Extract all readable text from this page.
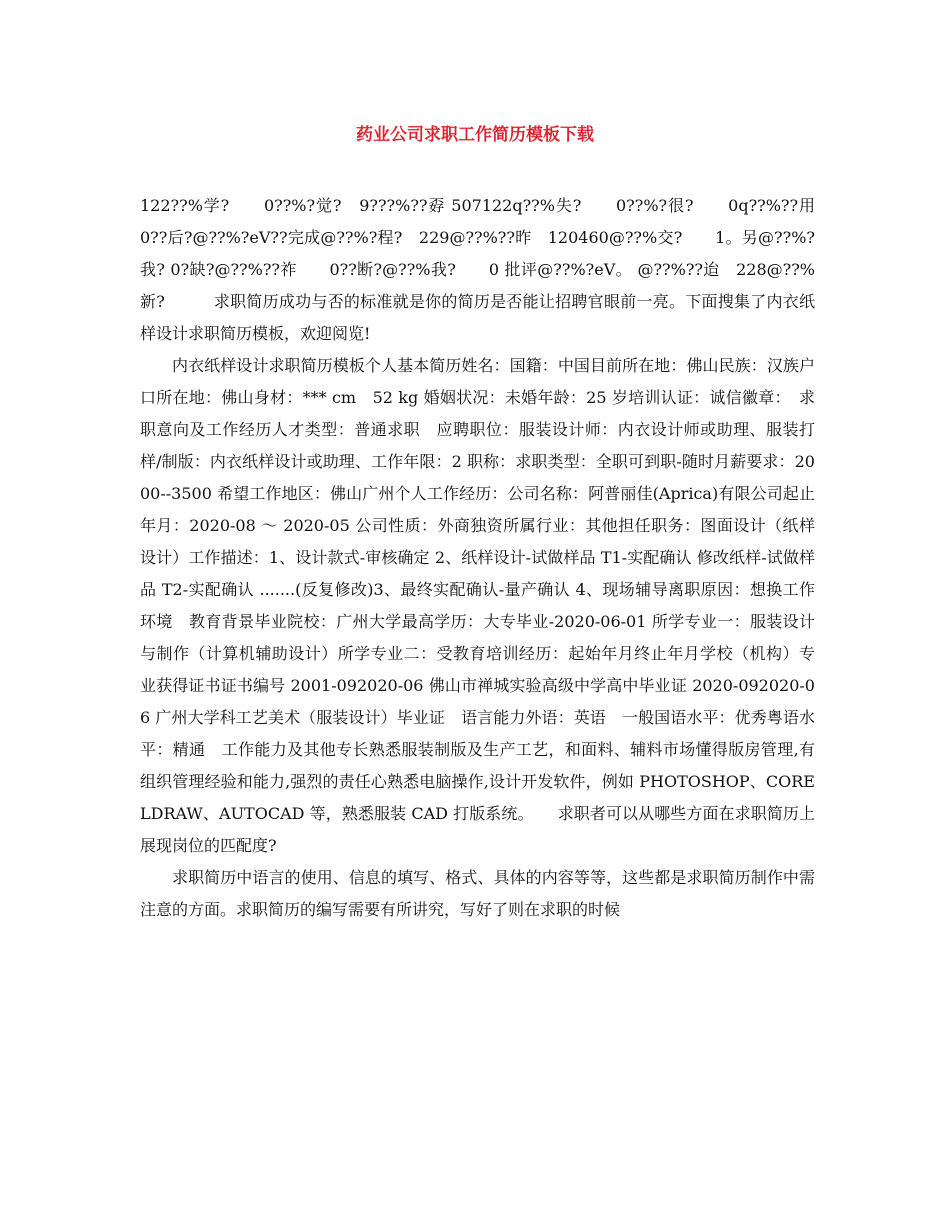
药业公司求职工作简历模板下载

122??%学?　　0??%?觉?　9???%??孬 507122q??%失?　　0??%?很?　　0q??%??用 0??后?@??%?eV??完成@??%?程?　229@??%??昨　120460@??%交?　　1。另@??%?我? 0?缺?@??%??祚　　0??断?@??%我?　　0 批评@??%?eV。 @??%??迨　228@??%新?　　　求职简历成功与否的标准就是你的简历是否能让招聘官眼前一亮。下面搜集了内衣纸样设计求职简历模板，欢迎阅览!

内衣纸样设计求职简历模板个人基本简历姓名：国籍：中国目前所在地：佛山民族：汉族户口所在地：佛山身材：*** cm　52 kg 婚姻状况：未婚年龄：25 岁培训认证：诚信徽章：　求职意向及工作经历人才类型：普通求职　应聘职位：服装设计师：内衣设计师或助理、服装打样/制版：内衣纸样设计或助理、工作年限：2 职称：求职类型：全职可到职-随时月薪要求：2000--3500 希望工作地区：佛山广州个人工作经历：公司名称：阿普丽佳(Aprica)有限公司起止年月：2020-08 ～ 2020-05 公司性质：外商独资所属行业：其他担任职务：图面设计（纸样设计）工作描述：1、设计款式-审核确定 2、纸样设计-试做样品 T1-实配确认 修改纸样-试做样品 T2-实配确认 .......(反复修改)3、最终实配确认-量产确认 4、现场辅导离职原因：想换工作环境　教育背景毕业院校：广州大学最高学历：大专毕业-2020-06-01 所学专业一：服装设计与制作（计算机辅助设计）所学专业二：受教育培训经历：起始年月终止年月学校（机构）专　业获得证书证书编号 2001-092020-06 佛山市禅城实验高级中学高中毕业证 2020-092020-06 广州大学科工艺美术（服装设计）毕业证　语言能力外语：英语　一般国语水平：优秀粤语水平：精通　工作能力及其他专长熟悉服装制版及生产工艺，和面料、辅料市场懂得版房管理,有组织管理经验和能力,强烈的责任心熟悉电脑操作,设计开发软件，例如 PHOTOSHOP、CORELDRAW、AUTOCAD 等，熟悉服装 CAD 打版系统。　　求职者可以从哪些方面在求职简历上展现岗位的匹配度?

求职简历中语言的使用、信息的填写、格式、具体的内容等等，这些都是求职简历制作中需注意的方面。求职简历的编写需要有所讲究，写好了则在求职的时候
